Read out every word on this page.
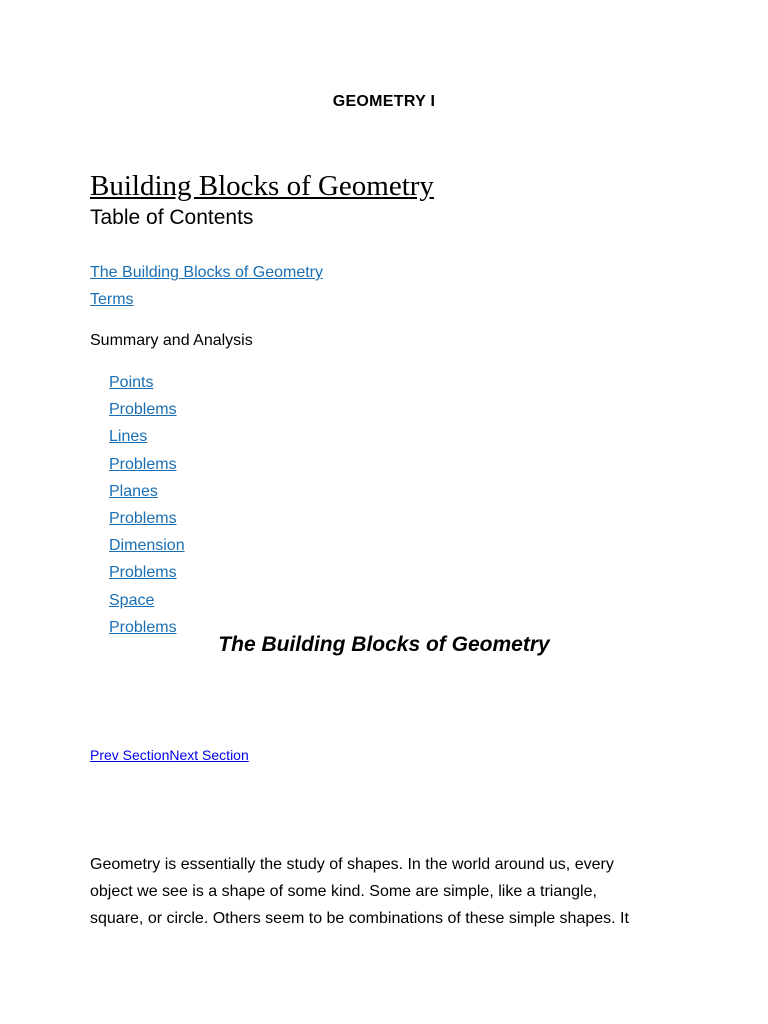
GEOMETRY I
Building Blocks of Geometry
Table of Contents
The Building Blocks of Geometry
Terms
Summary and Analysis
Points
Problems
Lines
Problems
Planes
Problems
Dimension
Problems
Space
Problems
The Building Blocks of Geometry
Prev SectionNext Section
Geometry is essentially the study of shapes. In the world around us, every
object we see is a shape of some kind. Some are simple, like a triangle,
square, or circle. Others seem to be combinations of these simple shapes. It
